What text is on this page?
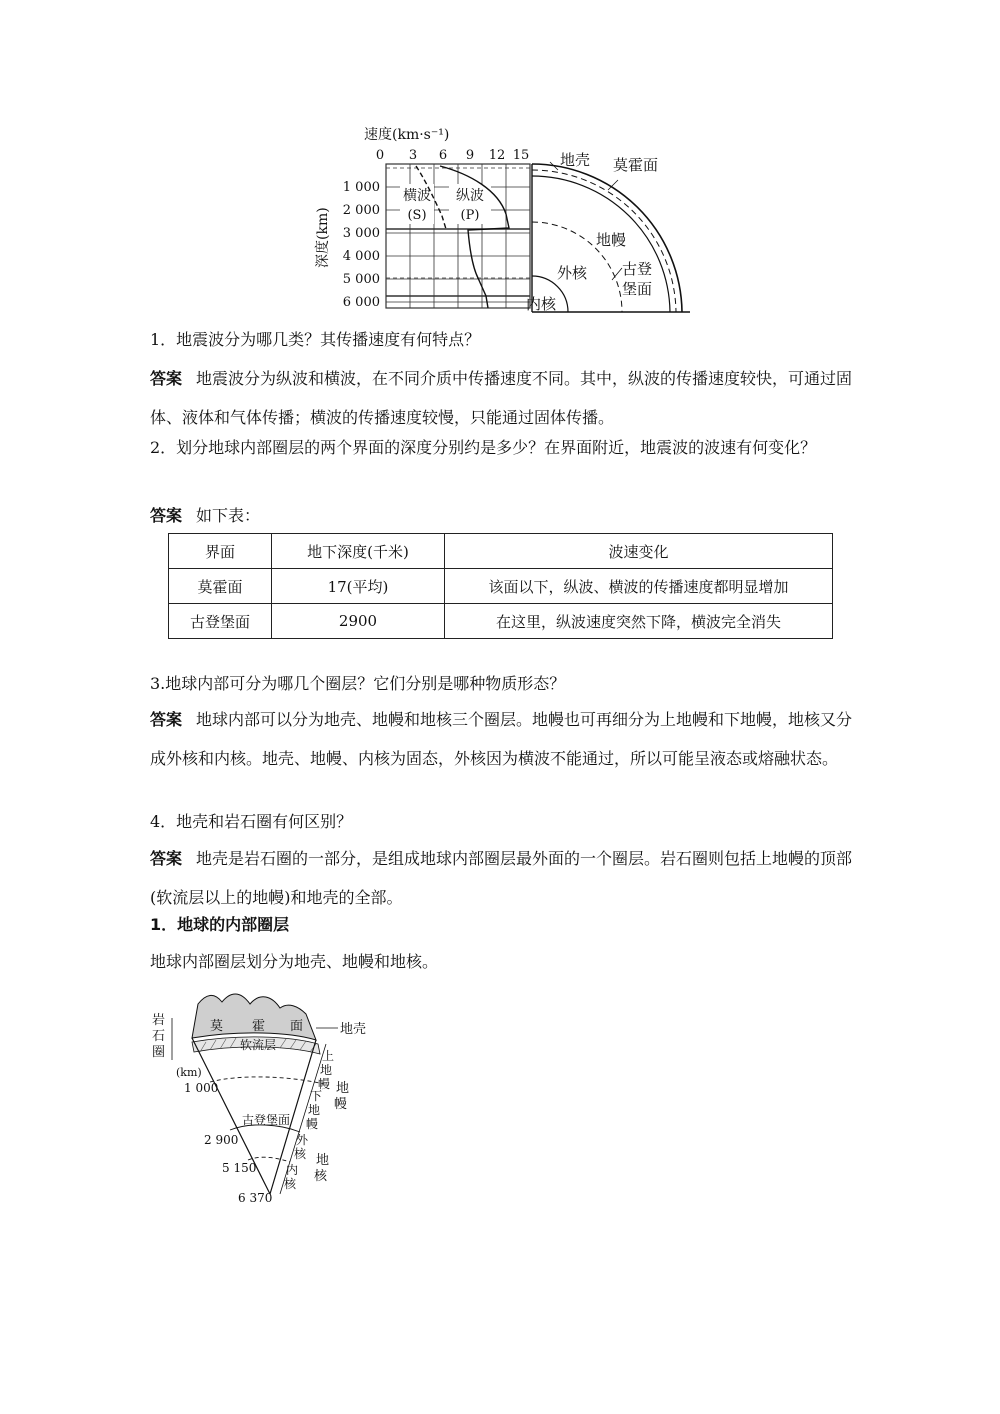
速度(km·s⁻¹)
深度(km)
0 3 6 9 12 15
1 000
2 000
3 000
4 000
5 000
6 000
横波
(S)
纵波
(P)
地壳 莫霍面
地幔
外核 古登
堡面
内核

1．地震波分为哪几类？其传播速度有何特点？

答案 地震波分为纵波和横波，在不同介质中传播速度不同。其中，纵波的传播速度较快，可通过固体、液体和气体传播；横波的传播速度较慢，只能通过固体传播。

2．划分地球内部圈层的两个界面的深度分别约是多少？在界面附近，地震波的波速有何变化？

答案 如下表：

界面	地下深度(千米)	波速变化
莫霍面	17(平均)	该面以下，纵波、横波的传播速度都明显增加
古登堡面	2900	在这里，纵波速度突然下降，横波完全消失

3.地球内部可分为哪几个圈层？它们分别是哪种物质形态？

答案 地球内部可以分为地壳、地幔和地核三个圈层。地幔也可再细分为上地幔和下地幔，地核又分成外核和内核。地壳、地幔、内核为固态，外核因为横波不能通过，所以可能呈液态或熔融状态。

4．地壳和岩石圈有何区别？

答案 地壳是岩石圈的一部分，是组成地球内部圈层最外面的一个圈层。岩石圈则包括上地幔的顶部(软流层以上的地幔)和地壳的全部。

1．地球的内部圈层

地球内部圈层划分为地壳、地幔和地核。

岩
石
圈
莫 霍 面	地壳
软流层
(km)
1 000
古登堡面
2 900
5 150
6 370
上
地
幔
下
地
幔
地
幔
外
核
内
核
地
核
